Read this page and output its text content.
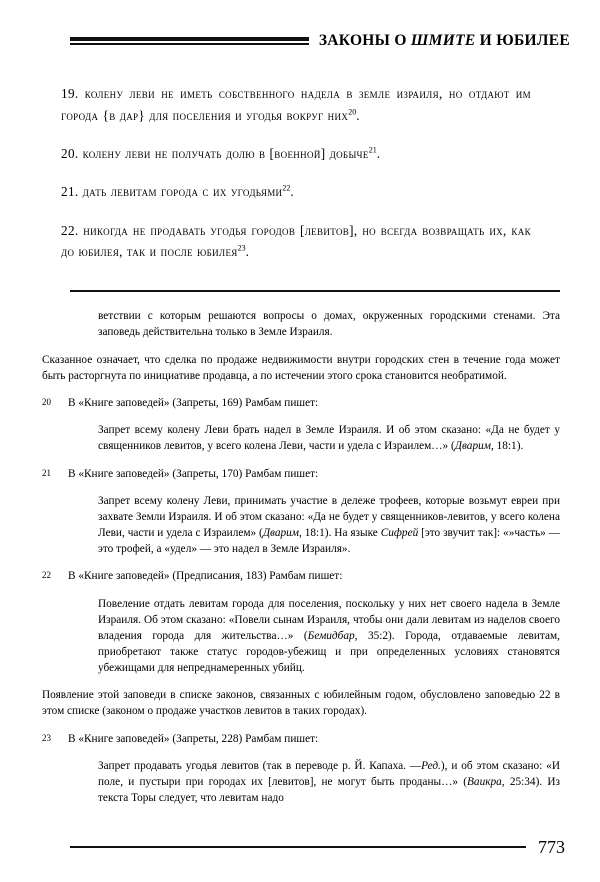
ЗАКОНЫ О ШМИТЕ И ЮБИЛЕЕ

19. колену леви не иметь собственного надела в земле израиля, но отдают им города {в дар} для поселения и угодья вокруг них$^{20}$.

20. колену леви не получать долю в [военной] добыче$^{21}$.

21. дать левитам города с их угодьями$^{22}$.

22. никогда не продавать угодья городов [левитов], но всегда возвращать их, как до юбилея, так и после юбилея$^{23}$.

ветствии с которым решаются вопросы о домах, окруженных городскими стенами. Эта заповедь действительна только в Земле Израиля.

Сказанное означает, что сделка по продаже недвижимости внутри городских стен в течение года может быть расторгнута по инициативе продавца, а по истечении этого срока становится необратимой.

20	В «Книге заповедей» (Запреты, 169) Рамбам пишет:

Запрет всему колену Леви брать надел в Земле Израиля. И об этом сказано: «Да не будет у священников левитов, у всего колена Леви, части и удела с Израилем…» (Дварим, 18:1).

21	В «Книге заповедей» (Запреты, 170) Рамбам пишет:

Запрет всему колену Леви, принимать участие в дележе трофеев, которые возьмут евреи при захвате Земли Израиля. И об этом сказано: «Да не будет у священников-левитов, у всего колена Леви, части и удела с Израилем» (Дварим, 18:1). На языке Сифрей [это звучит так]: «»часть» — это трофей, а «удел» — это надел в Земле Израиля».

22	В «Книге заповедей» (Предписания, 183) Рамбам пишет:

Повеление отдать левитам города для поселения, поскольку у них нет своего надела в Земле Израиля. Об этом сказано: «Повели сынам Израиля, чтобы они дали левитам из наделов своего владения города для жительства…» (Бемидбар, 35:2). Города, отдаваемые левитам, приобретают также статус городов-убежищ и при определенных условиях становятся убежищами для непреднамеренных убийц.

Появление этой заповеди в списке законов, связанных с юбилейным годом, обусловлено заповедью 22 в этом списке (законом о продаже участков левитов в таких городах).

23	В «Книге заповедей» (Запреты, 228) Рамбам пишет:

Запрет продавать угодья левитов (так в переводе р. Й. Капаха. —Ред.), и об этом сказано: «И поле, и пустыри при городах их [левитов], не могут быть проданы…» (Ваикра, 25:34). Из текста Торы следует, что левитам надо

773
